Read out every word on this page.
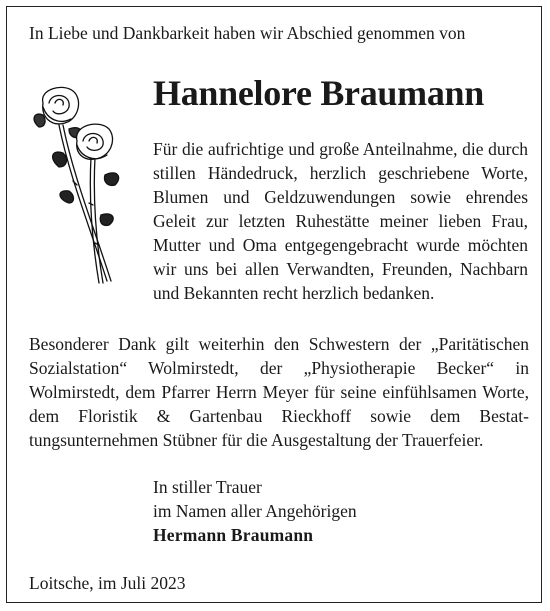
In Liebe und Dankbarkeit haben wir Abschied genommen von
Hannelore Braumann
Für die aufrichtige und große Anteilnahme, die durch stillen Händedruck, herzlich geschriebene Worte, Blumen und Geldzuwendungen sowie ehrendes Geleit zur letzten Ruhestätte meiner lieben Frau, Mutter und Oma entgegengebracht wurde möchten wir uns bei allen Verwandten, Freunden, Nachbarn und Bekannten recht herzlich bedanken.
Besonderer Dank gilt weiterhin den Schwestern der „Paritätischen Sozialstation“ Wolmirstedt, der „Physiotherapie Becker“ in Wolmirstedt, dem Pfarrer Herrn Meyer für seine einfühlsamen Worte, dem Floristik & Gartenbau Rieckhoff sowie dem Bestattungsunternehmen Stübner für die Ausgestaltung der Trauerfeier.
In stiller Trauer
im Namen aller Angehörigen
Hermann Braumann
Loitsche, im Juli 2023
